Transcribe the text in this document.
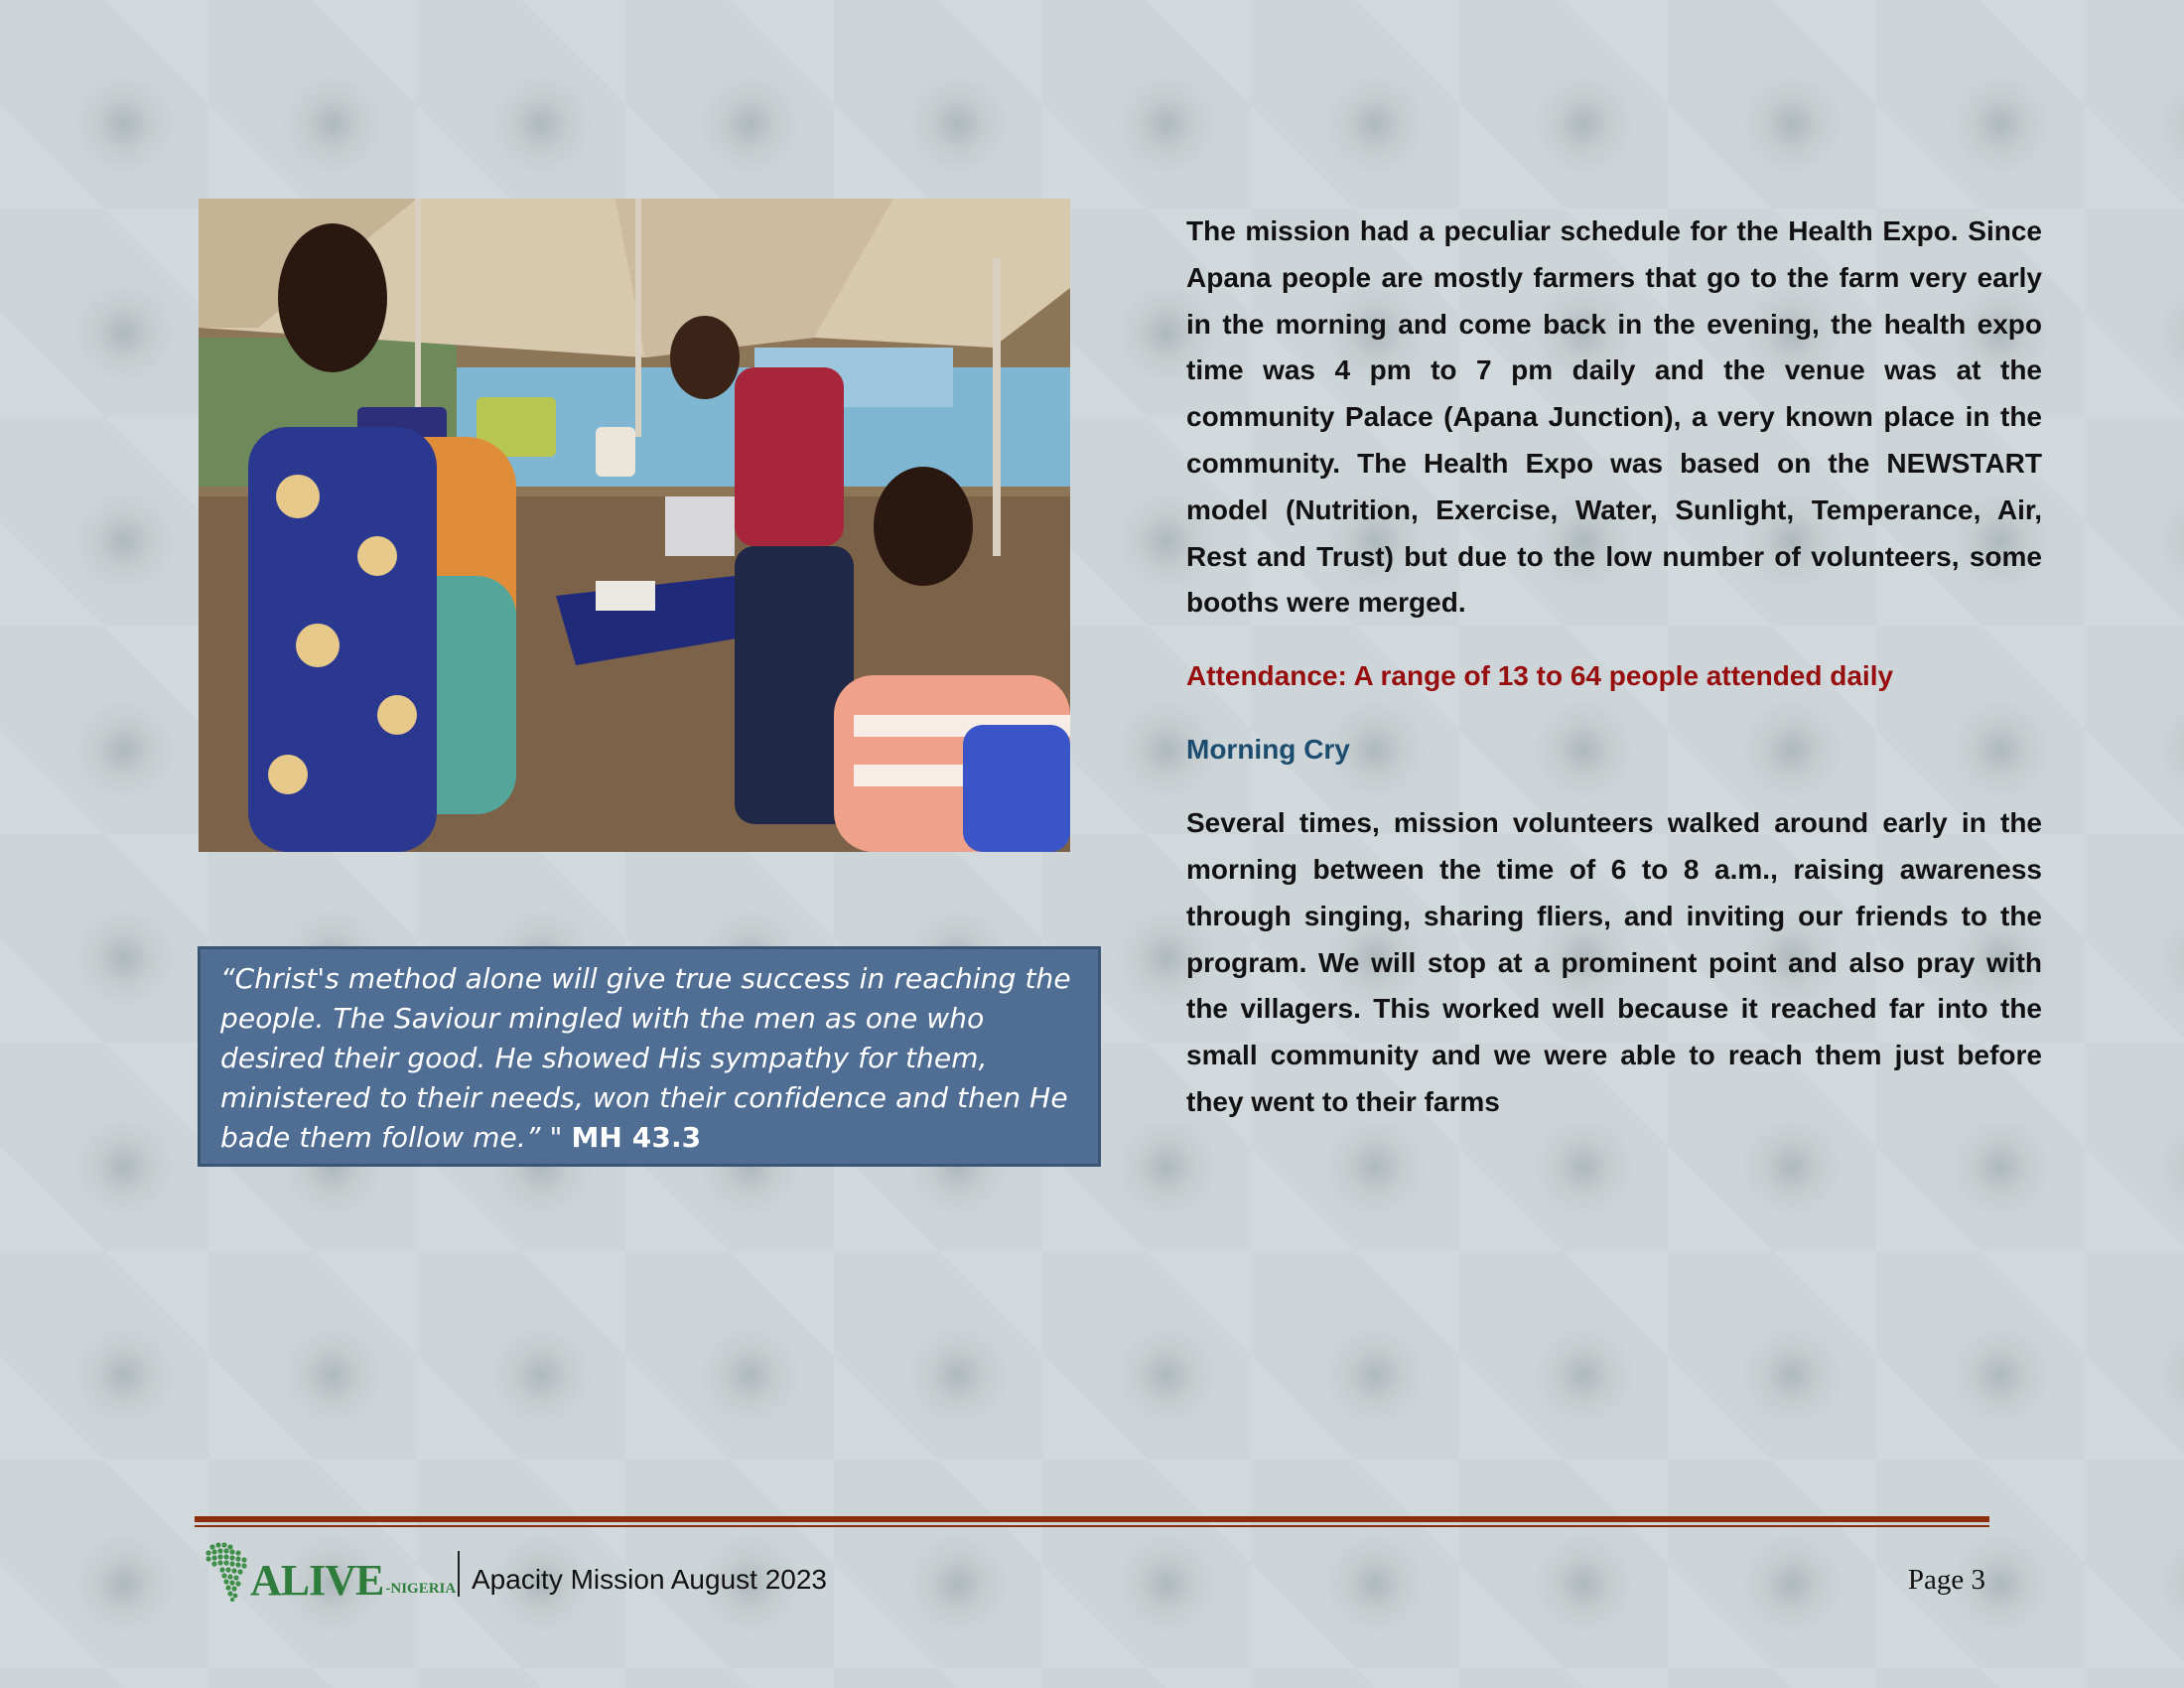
“Christ's method alone will give true success in reaching the people. The Saviour mingled with the men as one who desired their good. He showed His sympathy for them, ministered to their needs, won their confidence and then He bade them follow me.” " MH 43.3

The mission had a peculiar schedule for the Health Expo. Since Apana people are mostly farmers that go to the farm very early in the morning and come back in the evening, the health expo time was 4 pm to 7 pm daily and the venue was at the community Palace (Apana Junction), a very known place in the community. The Health Expo was based on the NEWSTART model (Nutrition, Exercise, Water, Sunlight, Temperance, Air, Rest and Trust) but due to the low number of volunteers, some booths were merged.

Attendance: A range of 13 to 64 people attended daily

Morning Cry

Several times, mission volunteers walked around early in the morning between the time of 6 to 8 a.m., raising awareness through singing, sharing fliers, and inviting our friends to the program. We will stop at a prominent point and also pray with the villagers. This worked well because it reached far into the small community and we were able to reach them just before they went to their farms

ALIVE -NIGERIA Apacity Mission August 2023	Page 3
